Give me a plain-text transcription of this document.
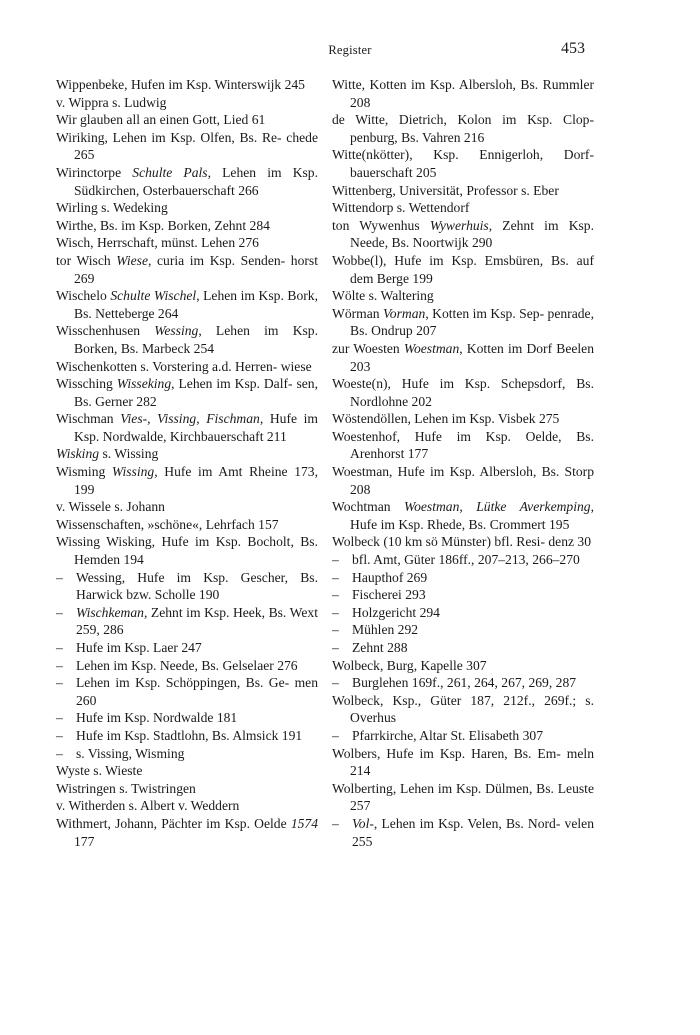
Register	453
Wippenbeke, Hufen im Ksp. Winterswijk 245
v. Wippra s. Ludwig
Wir glauben all an einen Gott, Lied 61
Wiriking, Lehen im Ksp. Olfen, Bs. Re- chede 265
Wirinctorpe Schulte Pals, Lehen im Ksp. Südkirchen, Osterbauerschaft 266
Wirling s. Wedeking
Wirthe, Bs. im Ksp. Borken, Zehnt 284
Wisch, Herrschaft, münst. Lehen 276
tor Wisch Wiese, curia im Ksp. Senden- horst 269
Wischelo Schulte Wischel, Lehen im Ksp. Bork, Bs. Netteberge 264
Wisschenhusen Wessing, Lehen im Ksp. Borken, Bs. Marbeck 254
Wischenkotten s. Vorstering a.d. Herren- wiese
Wissching Wisseking, Lehen im Ksp. Dalf- sen, Bs. Gerner 282
Wischman Vies-, Vissing, Fischman, Hufe im Ksp. Nordwalde, Kirchbauerschaft 211
Wisking s. Wissing
Wisming Wissing, Hufe im Amt Rheine 173, 199
v. Wissele s. Johann
Wissenschaften, »schöne«, Lehrfach 157
Wissing Wisking, Hufe im Ksp. Bocholt, Bs. Hemden 194
– Wessing, Hufe im Ksp. Gescher, Bs. Harwick bzw. Scholle 190
– Wischkeman, Zehnt im Ksp. Heek, Bs. Wext 259, 286
– Hufe im Ksp. Laer 247
– Lehen im Ksp. Neede, Bs. Gelselaer 276
– Lehen im Ksp. Schöppingen, Bs. Ge- men 260
– Hufe im Ksp. Nordwalde 181
– Hufe im Ksp. Stadtlohn, Bs. Almsick 191
– s. Vissing, Wisming
Wyste s. Wieste
Wistringen s. Twistringen
v. Witherden s. Albert v. Weddern
Withmert, Johann, Pächter im Ksp. Oelde 1574 177
Witte, Kotten im Ksp. Albersloh, Bs. Rummler 208
de Witte, Dietrich, Kolon im Ksp. Clop- penburg, Bs. Vahren 216
Witte(nkötter), Ksp. Ennigerloh, Dorf- bauerschaft 205
Wittenberg, Universität, Professor s. Eber
Wittendorp s. Wettendorf
ton Wywenhus Wywerhuis, Zehnt im Ksp. Neede, Bs. Noortwijk 290
Wobbe(l), Hufe im Ksp. Emsbüren, Bs. auf dem Berge 199
Wölte s. Waltering
Wörman Vorman, Kotten im Ksp. Sep- penrade, Bs. Ondrup 207
zur Woesten Woestman, Kotten im Dorf Beelen 203
Woeste(n), Hufe im Ksp. Schepsdorf, Bs. Nordlohne 202
Wöstendöllen, Lehen im Ksp. Visbek 275
Woestenhof, Hufe im Ksp. Oelde, Bs. Arenhorst 177
Woestman, Hufe im Ksp. Albersloh, Bs. Storp 208
Wochtman Woestman, Lütke Averkemping, Hufe im Ksp. Rhede, Bs. Crommert 195
Wolbeck (10 km sö Münster) bfl. Resi- denz 30
– bfl. Amt, Güter 186ff., 207–213, 266–270
– Haupthof 269
– Fischerei 293
– Holzgericht 294
– Mühlen 292
– Zehnt 288
Wolbeck, Burg, Kapelle 307
– Burglehen 169f., 261, 264, 267, 269, 287
Wolbeck, Ksp., Güter 187, 212f., 269f.; s. Overhus
– Pfarrkirche, Altar St. Elisabeth 307
Wolbers, Hufe im Ksp. Haren, Bs. Em- meln 214
Wolberting, Lehen im Ksp. Dülmen, Bs. Leuste 257
– Vol-, Lehen im Ksp. Velen, Bs. Nord- velen 255
